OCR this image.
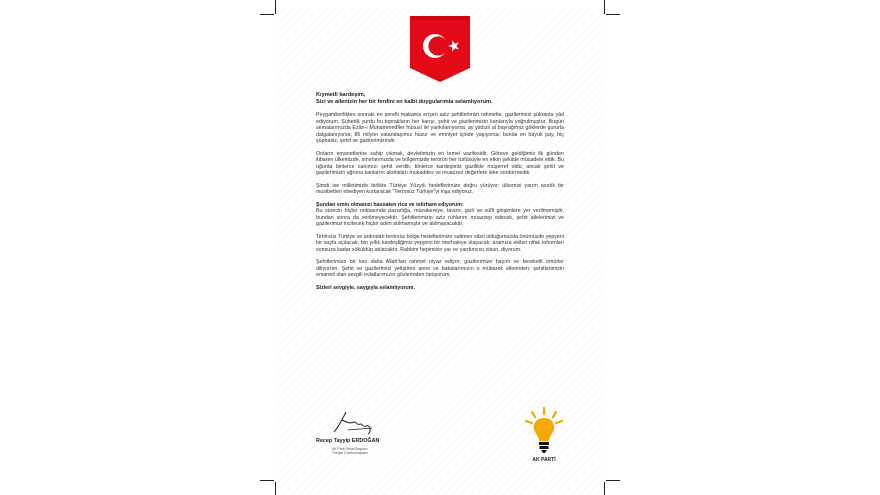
Kıymetli kardeşim,
Sizi ve ailenizin her bir ferdini en kalbî duygularımla selamlıyorum.

Peygamberlikten sonraki en şerefli makama erişen aziz şehitlerimizi rahmetle, gazilerimizi şükranla yâd ediyorum. Şühedâ yurdu bu toprakların her karışı, şehit ve gazilerimizin kanlarıyla yoğrulmuştur. Bugün semalarımızda Ezân-ı Muhammedîler hususî ile yankılanıyorsa; ay yıldızlı al bayrağımız göklerde gururla dalgalanıyorsa; 86 milyon vatandaşımız huzur ve emniyet içinde yaşıyorsa; bunda en büyük pay, hiç şüphesiz, şehit ve gazilerimizindir.

Onların emanetlerine sahip çıkmak, devletimizin en temel vazifesidir. Göreve geldiğimiz ilk günden itibaren ülkemizde, sınırlarımızda ve bölgemizde terörün her türlüsüyle en etkin şekilde mücadele ettik. Bu uğurda binlerce canımızı şehit verdik; binlerce kardeşimiz gazilikle müşerref oldu; ancak şehit ve gazilerimizin uğruna kanlarını akıttıkları mukaddes ve muazzez değerlere leke sürdürmedik.

Şimdi ise milletimizle birlikte Türkiye Yüzyılı hedeflerimize doğru yürüyor; ülkemizi yarım asırlık bir musibetten ebediyen kurtaracak "Terörsüz Türkiye"yi inşa ediyoruz.

Şundan emin olmanızı hassaten rica ve istirham ediyorum:
Bu sürecin hiçbir noktasında pazarlığa, müzakereye, tavize, gizli ve süfli girişimlere yer verilmemiştir, bundan sonra da verilmeyecektir. Şehitlerimizin aziz ruhlarını muazzep edecek, şehit ailelerimizi ve gazilerimizi incitecek hiçbir adım atılmamıştır ve atılmayacaktır.

Terörsüz Türkiye ve ardından terörsüz bölge hedeflerimize salimen vâsıl olduğumuzda önümüzde yepyeni bir sayfa açılacak; bin yıllık kardeşliğimiz yepyeni bir merhaleye ulaşacak; aramıza ekilen nifak tohumları sonsuza kadar söküldüp atılacaktır. Rabbim hepimizin yar ve yardımcısı olsun, diyorum.

Şehitlerimize bir kez daha Allah'tan rahmet niyaz ediyor; gazilerimize hayırlı ve bereketli ömürler diliyorum. Şehit ve gazilerimizi yetiştiren anne ve babalarımızın o mübarek ellerinden; şehitlerimizin emaneti olan sevgili evlatlarımızın gözlerinden öpüyorum.

Sizleri sevgiyle, saygıyla selamlıyorum.

Recep Tayyip ERDOĞAN
AK Parti Genel Başkanı
Türkiye Cumhurbaşkanı
AK PARTİ
